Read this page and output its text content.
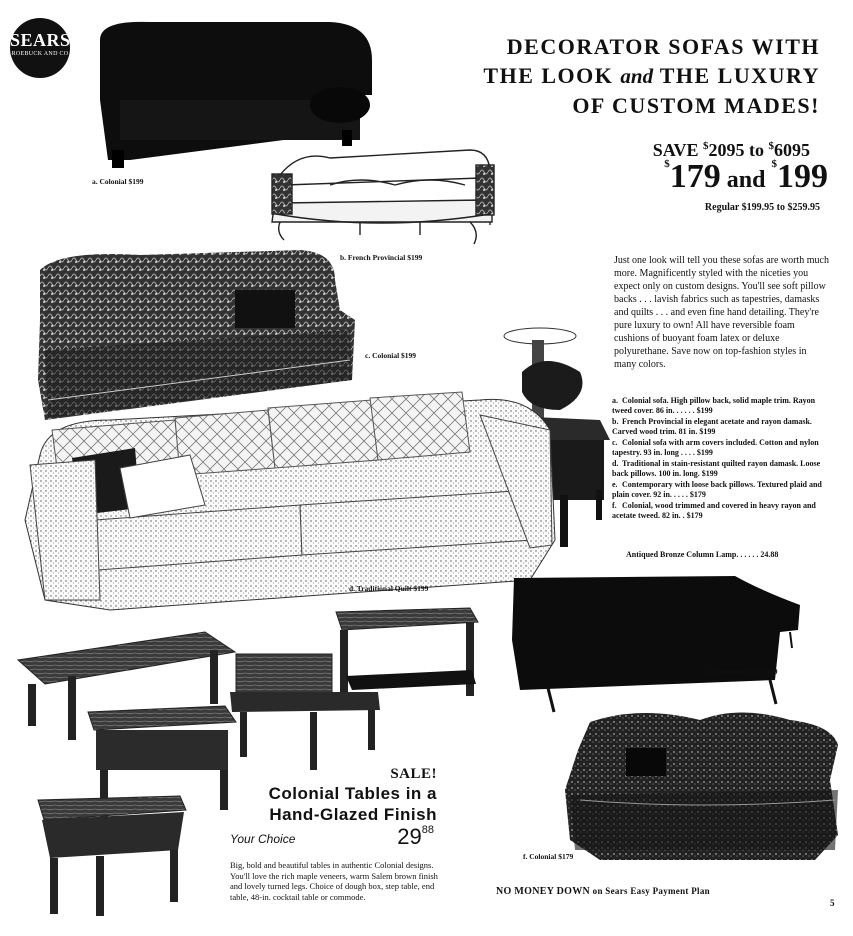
SEARS
ROEBUCK AND CO	DECORATOR SOFAS WITH
THE LOOK and THE LUXURY
OF CUSTOM MADES!
SAVE $2095 to $6095
$179 and $199
Regular $199.95 to $259.95
Just one look will tell you these sofas are worth much more. Magnificently styled with the niceties you expect only on custom designs. You'll see soft pillow backs . . . lavish fabrics such as tapestries, damasks and quilts . . . and even fine hand detailing. They're pure luxury to own! All have reversible foam cushions of buoyant foam latex or deluxe polyurethane. Save now on top-fashion styles in many colors.
a. Colonial sofa. High pillow back, solid maple trim. Rayon tweed cover. 86 in. . . . . . $199
b. French Provincial in elegant acetate and rayon damask. Carved wood trim. 81 in. $199
c. Colonial sofa with arm covers included. Cotton and nylon tapestry. 93 in. long . . . . $199
d. Traditional in stain-resistant quilted rayon damask. Loose back pillows. 100 in. long. $199
e. Contemporary with loose back pillows. Textured plaid and plain cover. 92 in. . . . . $179
f. Colonial, wood trimmed and covered in heavy rayon and acetate tweed. 82 in. . $179
Antiqued Bronze Column Lamp. . . . . . 24.88
a. Colonial $199
b. French Provincial $199
c. Colonial $199
d. Traditional Quilt $199
e. Contemporary $179
f. Colonial $179
SALE!
Colonial Tables in a
Hand-Glazed Finish
Your Choice	$29^{88}$
Big, bold and beautiful tables in authentic Colonial designs. You'll love the rich maple veneers, warm Salem brown finish and lovely turned legs. Choice of dough box, step table, end table, 48-in. cocktail table or commode.	NO MONEY DOWN on Sears Easy Payment Plan
5
